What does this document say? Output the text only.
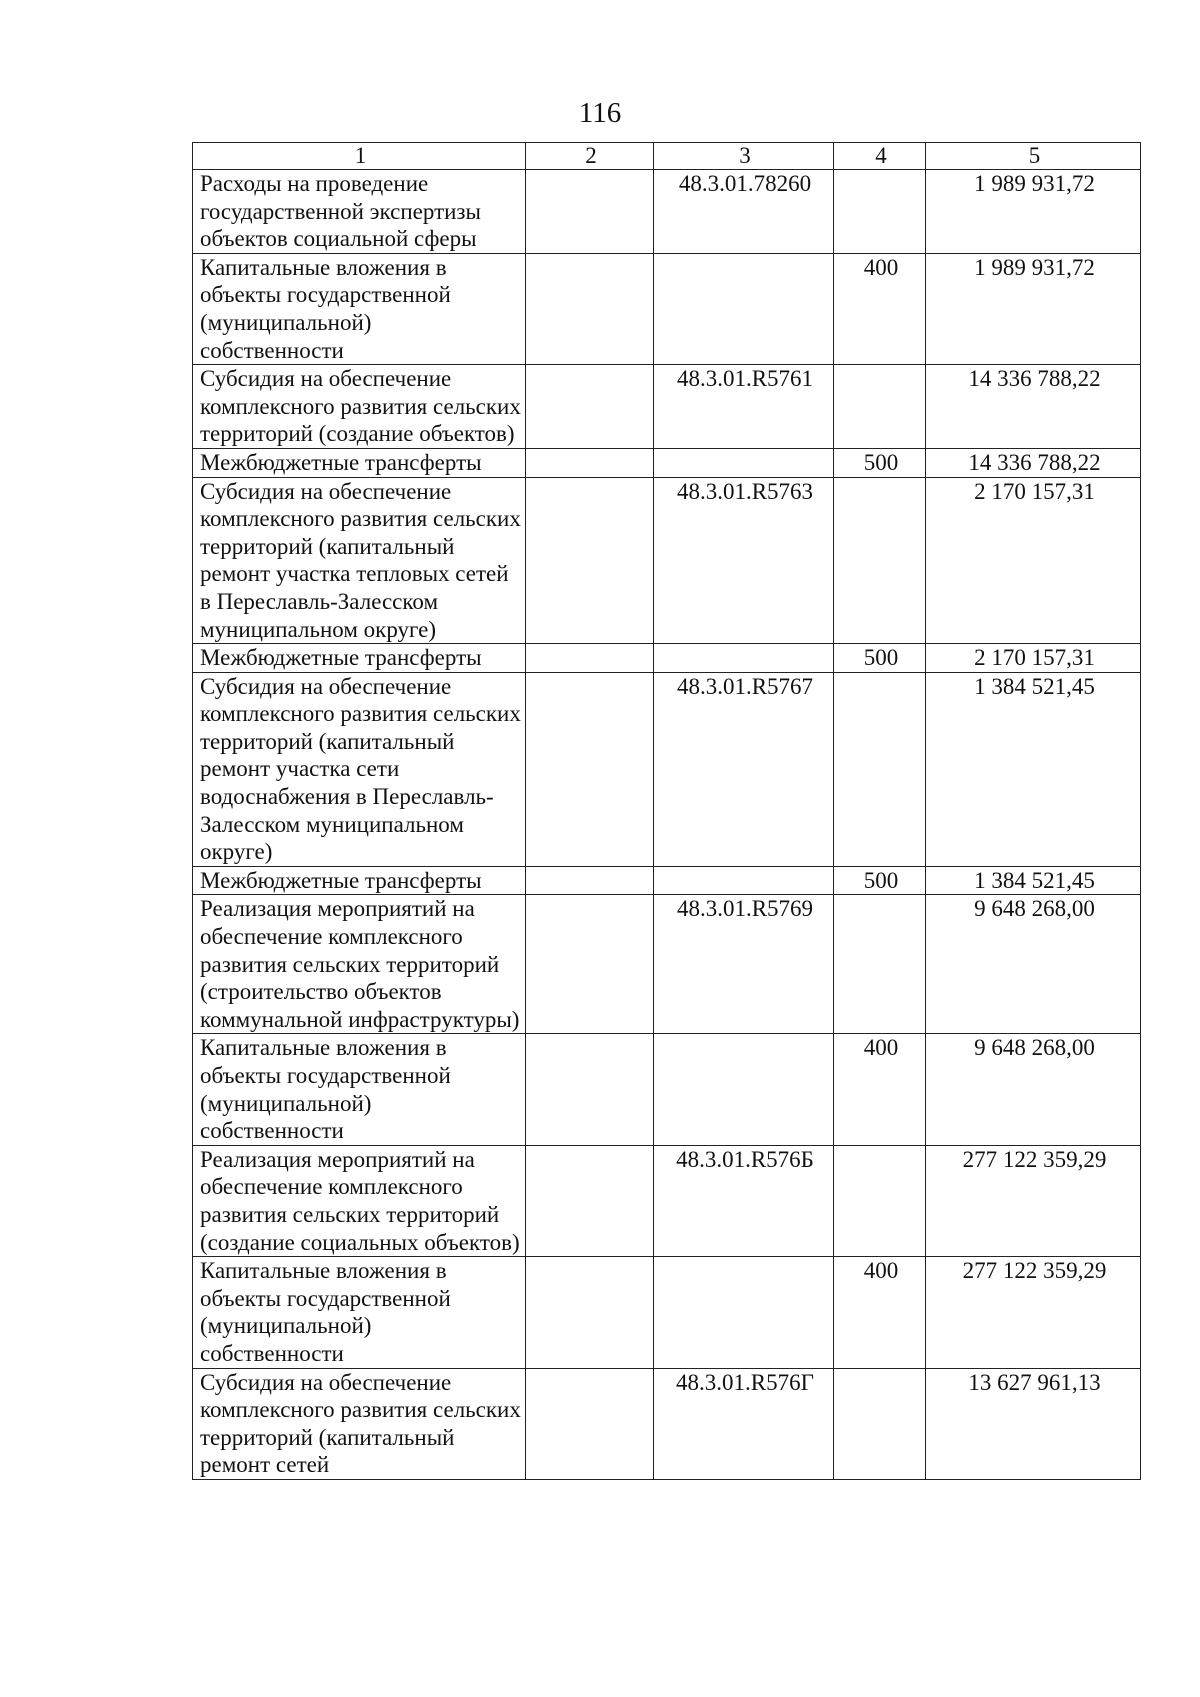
116
1	2	3	4	5
Расходы на проведение государственной экспертизы объектов социальной сферы		48.3.01.78260		1 989 931,72
Капитальные вложения в объекты государственной (муниципальной) собственности			400	1 989 931,72
Субсидия на обеспечение комплексного развития сельских территорий (создание объектов)		48.3.01.R5761		14 336 788,22
Межбюджетные трансферты			500	14 336 788,22
Субсидия на обеспечение комплексного развития сельских территорий (капитальный ремонт участка тепловых сетей в Переславль-Залесском муниципальном округе)		48.3.01.R5763		2 170 157,31
Межбюджетные трансферты			500	2 170 157,31
Субсидия на обеспечение комплексного развития сельских территорий (капитальный ремонт участка сети водоснабжения в Переславль-Залесском муниципальном округе)		48.3.01.R5767		1 384 521,45
Межбюджетные трансферты			500	1 384 521,45
Реализация мероприятий на обеспечение комплексного развития сельских территорий (строительство объектов коммунальной инфраструктуры)		48.3.01.R5769		9 648 268,00
Капитальные вложения в объекты государственной (муниципальной) собственности			400	9 648 268,00
Реализация мероприятий на обеспечение комплексного развития сельских территорий (создание социальных объектов)		48.3.01.R576Б		277 122 359,29
Капитальные вложения в объекты государственной (муниципальной) собственности			400	277 122 359,29
Субсидия на обеспечение комплексного развития сельских территорий (капитальный ремонт сетей		48.3.01.R576Г		13 627 961,13
